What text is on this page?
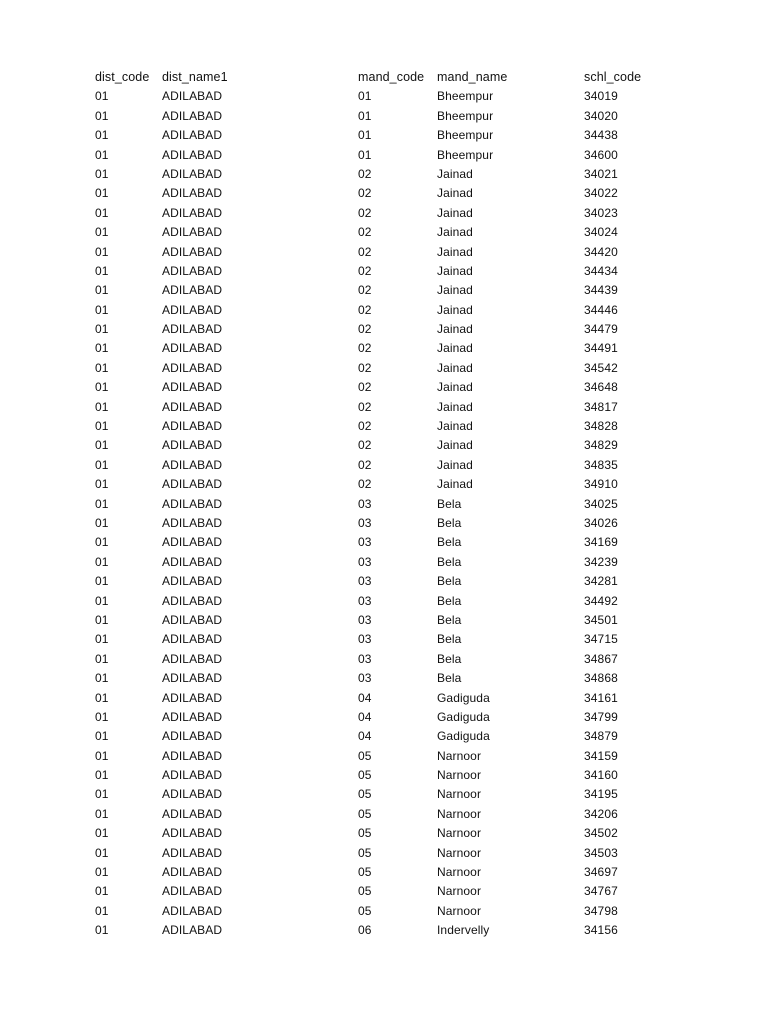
dist_code dist_name1	mand_code mand_name	schl_code
01	ADILABAD	01	Bheempur	34019
01	ADILABAD	01	Bheempur	34020
01	ADILABAD	01	Bheempur	34438
01	ADILABAD	01	Bheempur	34600
01	ADILABAD	02	Jainad	34021
01	ADILABAD	02	Jainad	34022
01	ADILABAD	02	Jainad	34023
01	ADILABAD	02	Jainad	34024
01	ADILABAD	02	Jainad	34420
01	ADILABAD	02	Jainad	34434
01	ADILABAD	02	Jainad	34439
01	ADILABAD	02	Jainad	34446
01	ADILABAD	02	Jainad	34479
01	ADILABAD	02	Jainad	34491
01	ADILABAD	02	Jainad	34542
01	ADILABAD	02	Jainad	34648
01	ADILABAD	02	Jainad	34817
01	ADILABAD	02	Jainad	34828
01	ADILABAD	02	Jainad	34829
01	ADILABAD	02	Jainad	34835
01	ADILABAD	02	Jainad	34910
01	ADILABAD	03	Bela	34025
01	ADILABAD	03	Bela	34026
01	ADILABAD	03	Bela	34169
01	ADILABAD	03	Bela	34239
01	ADILABAD	03	Bela	34281
01	ADILABAD	03	Bela	34492
01	ADILABAD	03	Bela	34501
01	ADILABAD	03	Bela	34715
01	ADILABAD	03	Bela	34867
01	ADILABAD	03	Bela	34868
01	ADILABAD	04	Gadiguda	34161
01	ADILABAD	04	Gadiguda	34799
01	ADILABAD	04	Gadiguda	34879
01	ADILABAD	05	Narnoor	34159
01	ADILABAD	05	Narnoor	34160
01	ADILABAD	05	Narnoor	34195
01	ADILABAD	05	Narnoor	34206
01	ADILABAD	05	Narnoor	34502
01	ADILABAD	05	Narnoor	34503
01	ADILABAD	05	Narnoor	34697
01	ADILABAD	05	Narnoor	34767
01	ADILABAD	05	Narnoor	34798
01	ADILABAD	06	Indervelly	34156
